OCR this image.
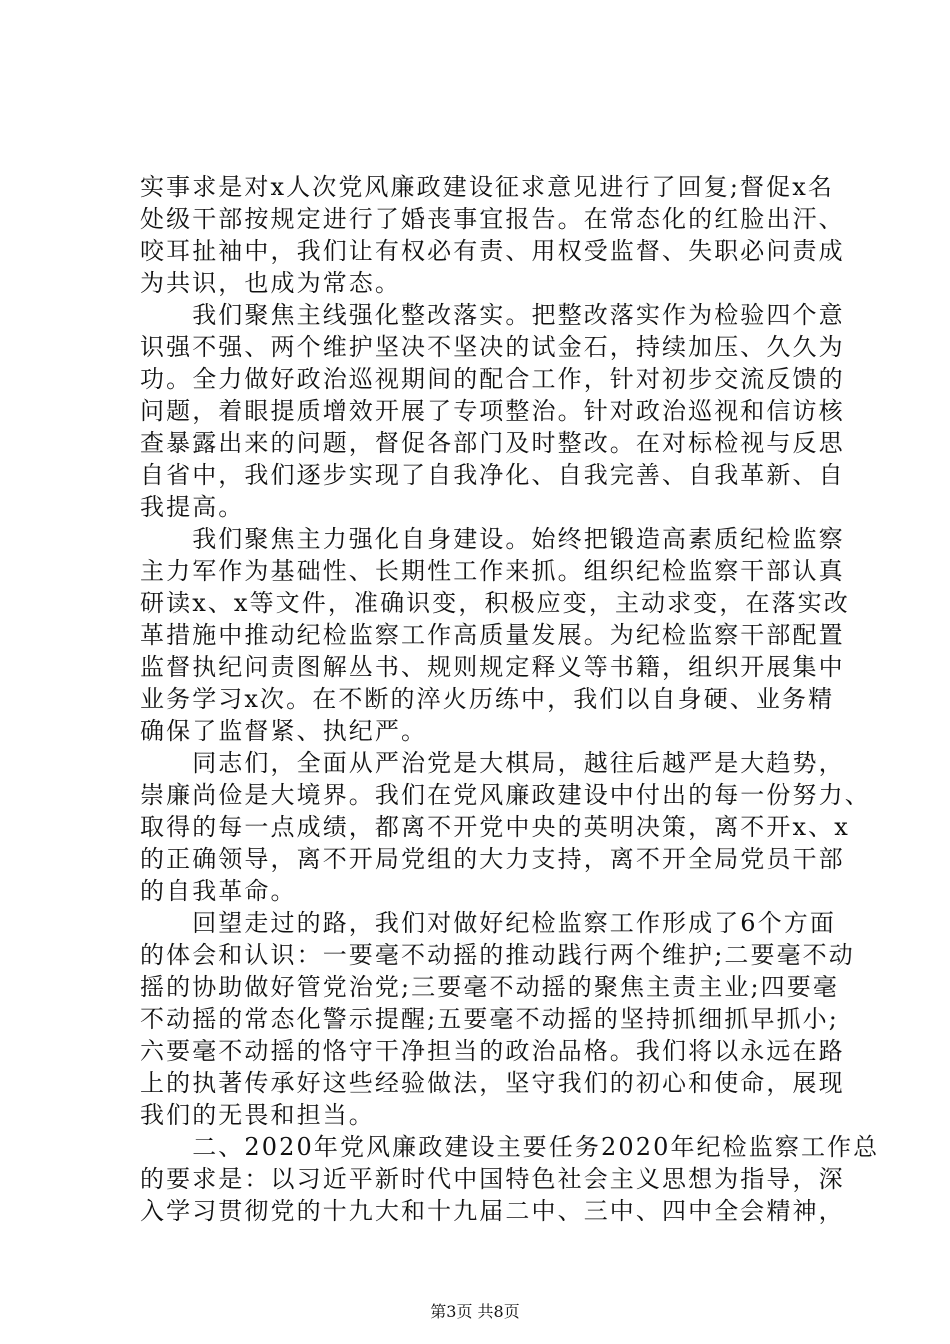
实事求是对x人次党风廉政建设征求意见进行了回复;督促x名
处级干部按规定进行了婚丧事宜报告。在常态化的红脸出汗、
咬耳扯袖中，我们让有权必有责、用权受监督、失职必问责成
为共识，也成为常态。
　　我们聚焦主线强化整改落实。把整改落实作为检验四个意
识强不强、两个维护坚决不坚决的试金石，持续加压、久久为
功。全力做好政治巡视期间的配合工作，针对初步交流反馈的
问题，着眼提质增效开展了专项整治。针对政治巡视和信访核
查暴露出来的问题，督促各部门及时整改。在对标检视与反思
自省中，我们逐步实现了自我净化、自我完善、自我革新、自
我提高。
　　我们聚焦主力强化自身建设。始终把锻造高素质纪检监察
主力军作为基础性、长期性工作来抓。组织纪检监察干部认真
研读x、x等文件，准确识变，积极应变，主动求变，在落实改
革措施中推动纪检监察工作高质量发展。为纪检监察干部配置
监督执纪问责图解丛书、规则规定释义等书籍，组织开展集中
业务学习x次。在不断的淬火历练中，我们以自身硬、业务精
确保了监督紧、执纪严。
　　同志们，全面从严治党是大棋局，越往后越严是大趋势，
崇廉尚俭是大境界。我们在党风廉政建设中付出的每一份努力、
取得的每一点成绩，都离不开党中央的英明决策，离不开x、x
的正确领导，离不开局党组的大力支持，离不开全局党员干部
的自我革命。
　　回望走过的路，我们对做好纪检监察工作形成了6个方面
的体会和认识：一要毫不动摇的推动践行两个维护;二要毫不动
摇的协助做好管党治党;三要毫不动摇的聚焦主责主业;四要毫
不动摇的常态化警示提醒;五要毫不动摇的坚持抓细抓早抓小;
六要毫不动摇的恪守干净担当的政治品格。我们将以永远在路
上的执著传承好这些经验做法，坚守我们的初心和使命，展现
我们的无畏和担当。
　　二、2020年党风廉政建设主要任务2020年纪检监察工作总
的要求是：以习近平新时代中国特色社会主义思想为指导，深
入学习贯彻党的十九大和十九届二中、三中、四中全会精神，

第3页 共8页
